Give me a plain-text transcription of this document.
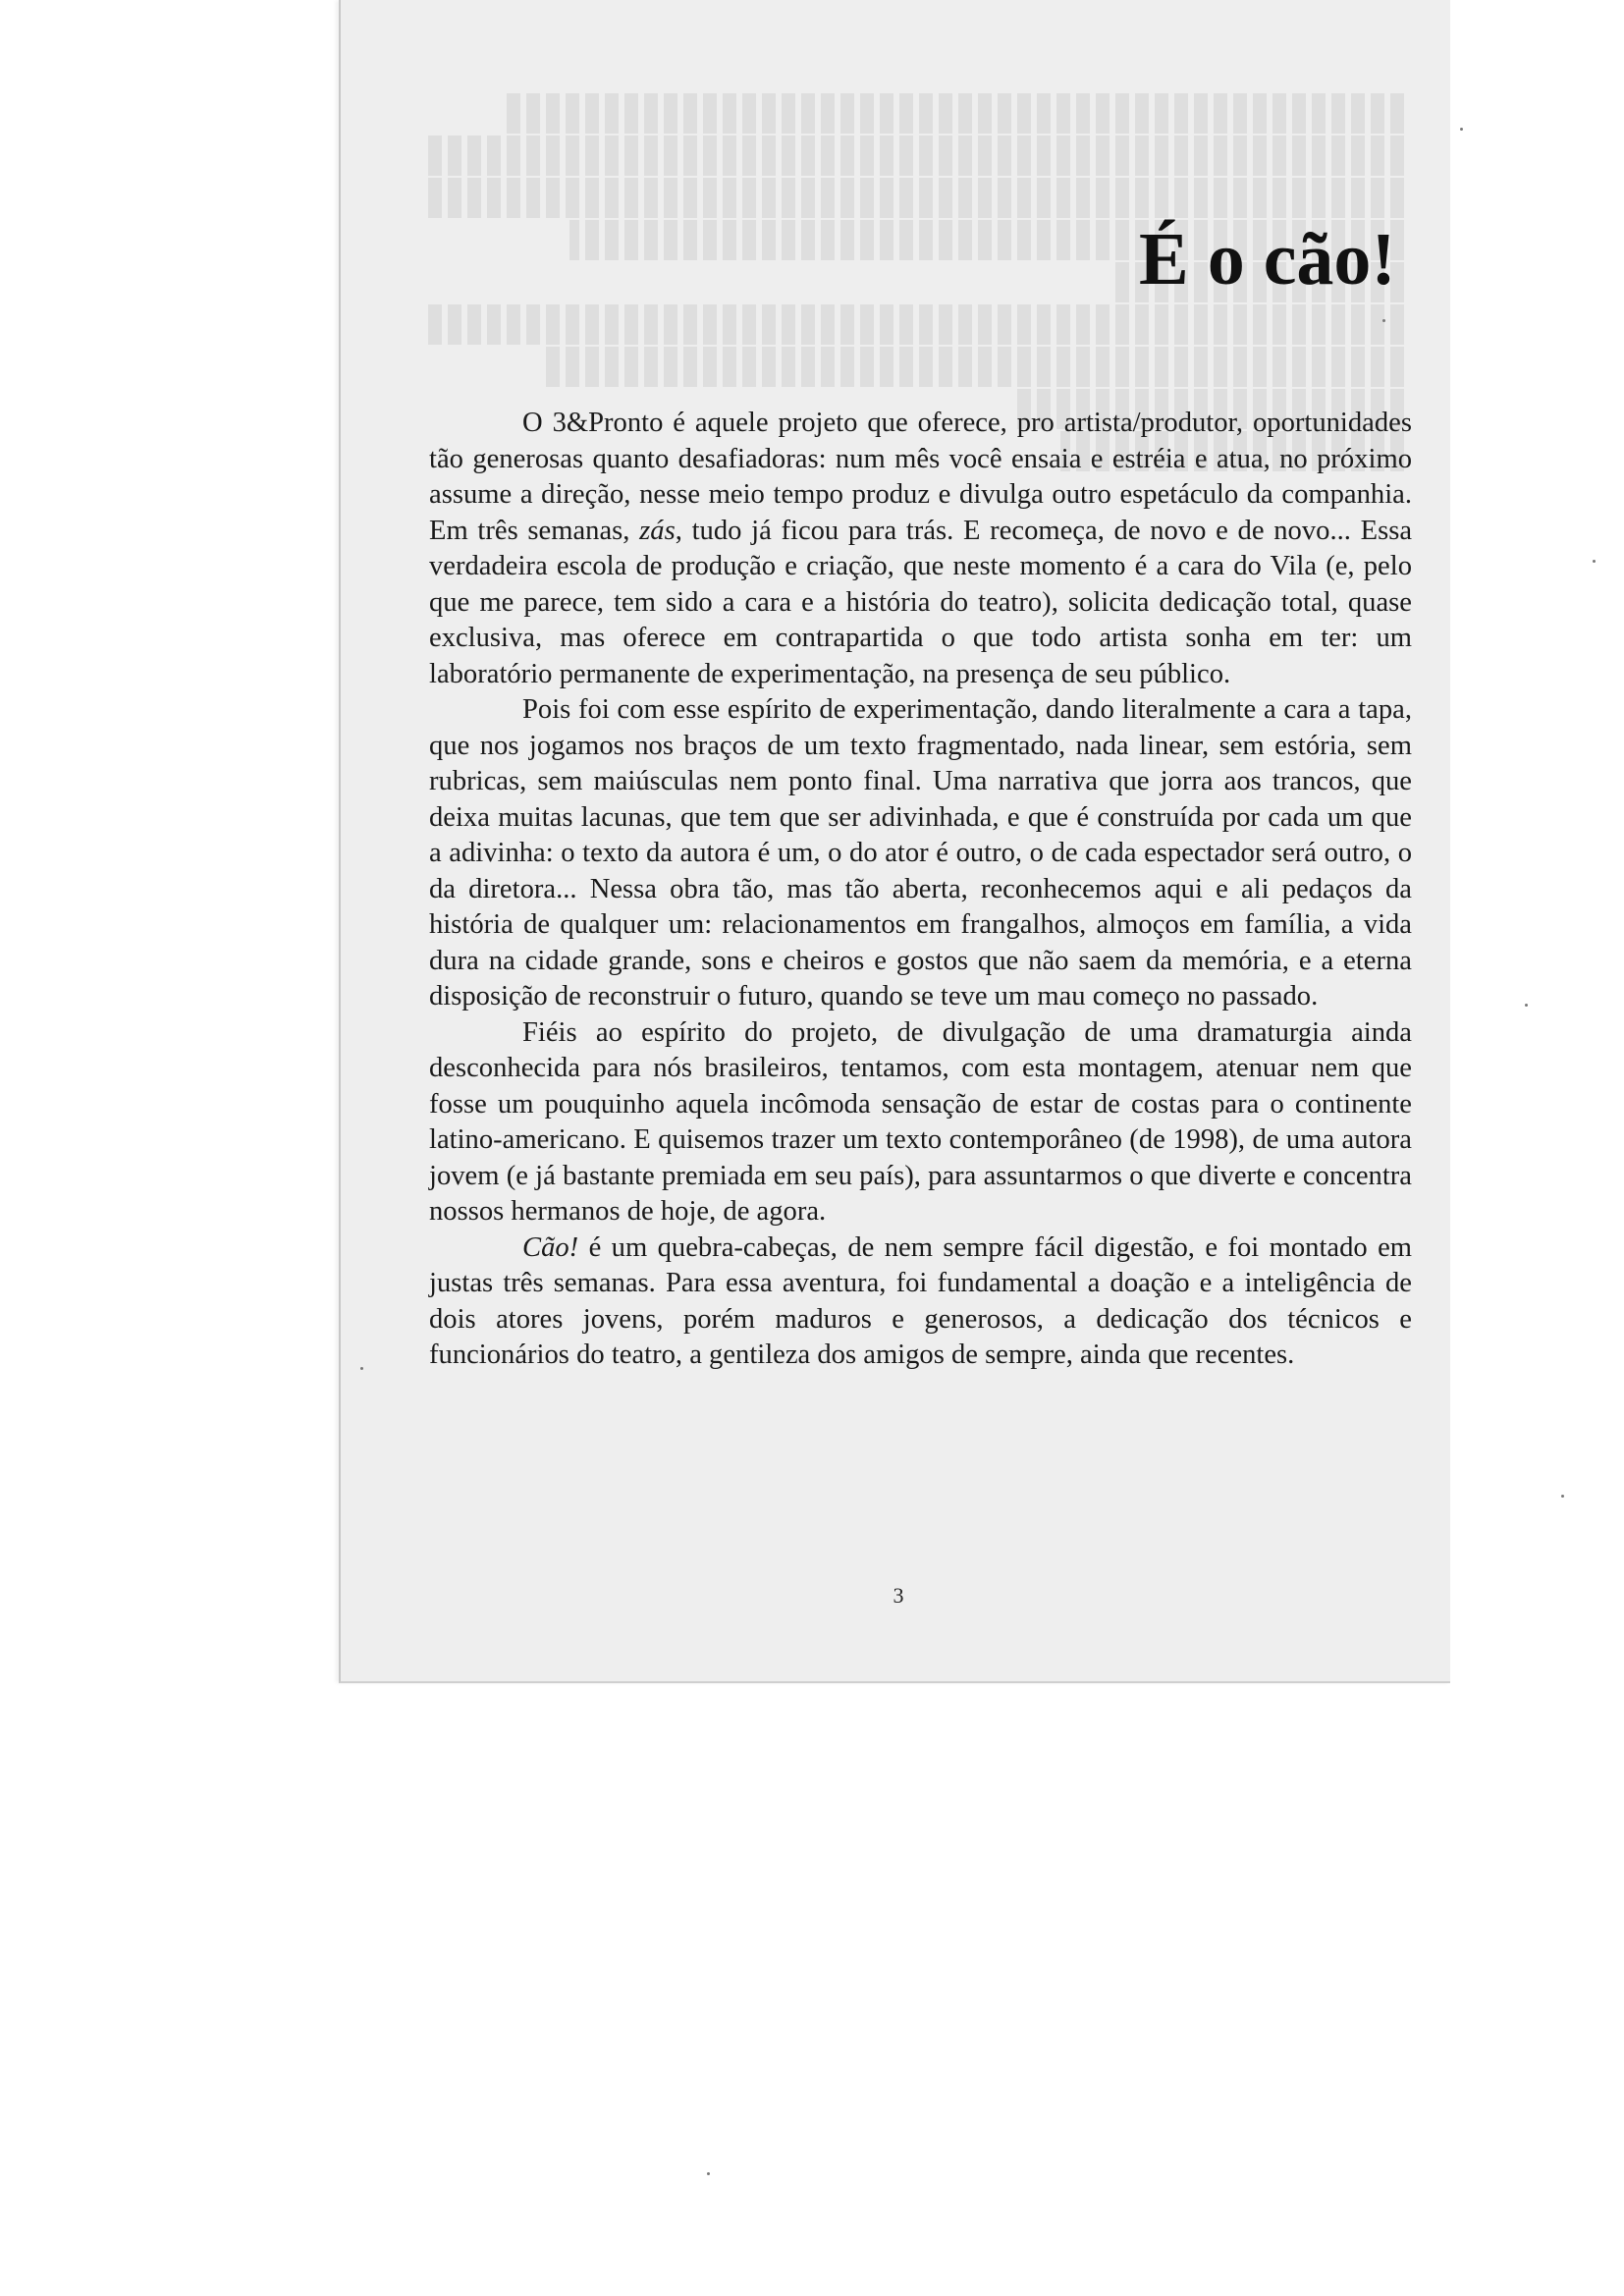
É o cão!

O 3&Pronto é aquele projeto que oferece, pro artista/produtor, oportunidades tão generosas quanto desafiadoras: num mês você ensaia e estréia e atua, no próximo assume a direção, nesse meio tempo produz e divulga outro espetáculo da companhia. Em três semanas, zás, tudo já ficou para trás. E recomeça, de novo e de novo... Essa verdadeira escola de produção e criação, que neste momento é a cara do Vila (e, pelo que me parece, tem sido a cara e a história do teatro), solicita dedicação total, quase exclusiva, mas oferece em contrapartida o que todo artista sonha em ter: um laboratório permanente de experimentação, na presença de seu público.

Pois foi com esse espírito de experimentação, dando literalmente a cara a tapa, que nos jogamos nos braços de um texto fragmentado, nada linear, sem estória, sem rubricas, sem maiúsculas nem ponto final. Uma narrativa que jorra aos trancos, que deixa muitas lacunas, que tem que ser adivinhada, e que é construída por cada um que a adivinha: o texto da autora é um, o do ator é outro, o de cada espectador será outro, o da diretora... Nessa obra tão, mas tão aberta, reconhecemos aqui e ali pedaços da história de qualquer um: relacionamentos em frangalhos, almoços em família, a vida dura na cidade grande, sons e cheiros e gostos que não saem da memória, e a eterna disposição de reconstruir o futuro, quando se teve um mau começo no passado.

Fiéis ao espírito do projeto, de divulgação de uma dramaturgia ainda desconhecida para nós brasileiros, tentamos, com esta montagem, atenuar nem que fosse um pouquinho aquela incômoda sensação de estar de costas para o continente latino-americano. E quisemos trazer um texto contemporâneo (de 1998), de uma autora jovem (e já bastante premiada em seu país), para assuntarmos o que diverte e concentra nossos hermanos de hoje, de agora.

Cão! é um quebra-cabeças, de nem sempre fácil digestão, e foi montado em justas três semanas. Para essa aventura, foi fundamental a doação e a inteligência de dois atores jovens, porém maduros e generosos, a dedicação dos técnicos e funcionários do teatro, a gentileza dos amigos de sempre, ainda que recentes.

3
